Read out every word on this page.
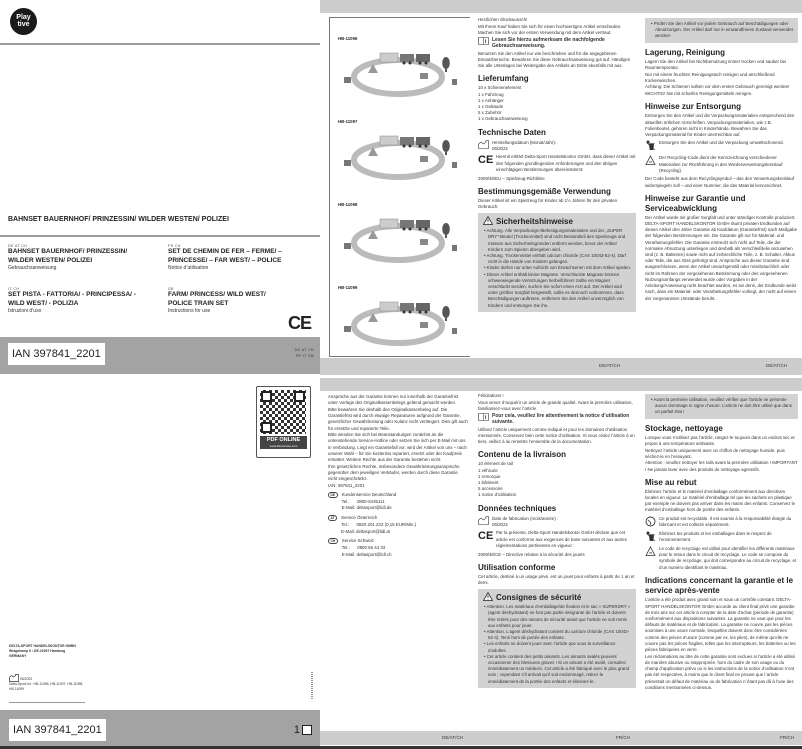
Play
tive
BAHNSET BAUERNHOF/ PRINZESSIN/ WILDER WESTEN/ POLIZEI
DE AT CH
BAHNSET BAUERNHOF/ PRINZESSIN/ WILDER WESTEN/ POLIZEI
Gebrauchsanweisung
FR CH
SET DE CHEMIN DE FER – FERME/ – PRINCESSE/ – FAR WEST/ – POLICE
Notice d’utilisation
IT CH
SET PISTA - FATTORIA/ - PRINCIPESSA/ - WILD WEST/ - POLIZIA
Istruzioni d’uso
GB
FARM/ PRINCESS/ WILD WEST/ POLICE TRAIN SET
Instructions for use
CE
IAN 397841_2201	DE AT CH
FR IT GB
HB-11096
HB-11097
HB-11098
HB-11099
Herzlichen Glückwunsch!
Mit Ihrem Kauf haben Sie sich für einen hochwertigen Artikel entschieden. Machen Sie sich vor der ersten Verwendung mit dem Artikel vertraut.
i Lesen Sie hierzu aufmerksam die nachfolgende Gebrauchsanweisung.
Benutzen Sie den Artikel nur wie beschrieben und für die angegebenen Einsatzbereiche. Bewahren Sie diese Gebrauchsanweisung gut auf. Händigen Sie alle Unterlagen bei Weitergabe des Artikels an Dritte ebenfalls mit aus.
Lieferumfang
10 x Schienenelement
1 x Fahrzeug
1 x Anhänger
1 x Gebäude
5 x Zubehör
1 x Gebrauchsanweisung
Technische Daten
Herstellungsdatum (Monat/Jahr):
06/2022
CE Hiermit erklärt Delta-Sport Handelskontor GmbH, dass dieser Artikel mit den folgenden grundlegenden Anforderungen und den übrigen einschlägigen Bestimmungen übereinstimmt:
2009/48/EU – Spielzeug-Richtlinie
Bestimmungsgemäße Verwendung
Dieser Artikel ist ein Spielzeug für Kinder ab 1½ Jahren für den privaten Gebrauch.
Sicherheitshinweise
• Achtung. Alle Verpackungs-/Befestigungsmaterialien und der „SUPER DRY“-Beutel (Trockenmittel) sind nicht Bestandteil des Spielzeugs und müssen aus Sicherheitsgründen entfernt werden, bevor der Artikel Kindern zum Spielen übergeben wird.
• Achtung. Trockenmittel enthält calcium chloride (CAS 10043-52-4). Darf nicht in die Hände von Kindern gelangen.
• Kinder dürfen nur unter Aufsicht von Erwachsenen mit dem Artikel spielen.
• Dieser Artikel enthält kleine Magnete. Verschluckte Magnete können schwerwiegende Verletzungen herbeiführen! Sollte ein Magnet verschluckt werden, suchen Sie sofort einen Arzt auf. Der Artikel wird unter größter Sorgfalt hergestellt, sollte es dennoch vorkommen, dass Beschädigungen auftreten, entfernen Sie den Artikel unverzüglich von Kindern und entsorgen Sie ihn.
• Prüfen Sie den Artikel vor jedem Gebrauch auf Beschädigungen oder Abnutzungen. Der Artikel darf nur in einwandfreiem Zustand verwendet werden!
Lagerung, Reinigung
Lagern Sie den Artikel bei Nichtbenutzung immer trocken und sauber bei Raumtemperatur.
Nur mit einem feuchten Reinigungstuch reinigen und anschließend trockenwischen.
Achtung: Die Schienen sollten vor dem ersten Gebrauch gereinigt werden!
WICHTIG! Nie mit scharfen Reinigungsmitteln reinigen.
Hinweise zur Entsorgung
Entsorgen Sie den Artikel und die Verpackungsmaterialien entsprechend den aktuellen örtlichen Vorschriften. Verpackungsmaterialien, wie z.B. Folienbeutel, gehören nicht in Kinderhände. Bewahren Sie das Verpackungsmaterial für Kinder unerreichbar auf.
Entsorgen Sie den Artikel und die Verpackung umweltschonend.
05
Der Recycling-Code dient der Kennzeichnung verschiedener Materialien zur Rückführung in den Wiederverwertungskreislauf (Recycling).
Der Code besteht aus dem Recyclingsymbol – das den Verwertungskreislauf widerspiegeln soll – und einer Nummer, die das Material kennzeichnet.
Hinweise zur Garantie und Serviceabwicklung
Der Artikel wurde mit großer Sorgfalt und unter ständiger Kontrolle produziert. DELTA-SPORT HANDELSKONTOR GmbH räumt privaten Endkunden auf diesen Artikel drei Jahre Garantie ab Kaufdatum (Garantiefrist) nach Maßgabe der folgenden Bestimmungen ein. Die Garantie gilt nur für Material- und Verarbeitungsfehler. Die Garantie erstreckt sich nicht auf Teile, die der normalen Abnutzung unterliegen und deshalb als Verschleißteile anzusehen sind (z. B. Batterien) sowie nicht auf zerbrechliche Teile, z. B. Schalter, Akkus oder Teile, die aus Glas gefertigt sind. Ansprüche aus dieser Garantie sind ausgeschlossen, wenn der Artikel unsachgemäß oder missbräuchlich oder nicht im Rahmen der vorgesehenen Bestimmung oder des vorgesehenen Nutzungsumfangs verwendet wurde oder Vorgaben in der Anleitung/Anweisung nicht beachtet wurden, es sei denn, der Endkunde weist nach, dass ein Material- oder Verarbeitungsfehler vorliegt, der nicht auf einem der vorgenannten Umstände beruht.
DE/AT/CH	DE/AT/CH
PDF ONLINE
www.lidl-service.com
DELTA-SPORT HANDELSKONTOR GMBH
Wragekamp 6 • DE-22397 Hamburg
GERMANY
06/2022
Delta-Sport-Nr.: HB-11096, HB-11097, HB-11098, HB-11099
IAN 397841_2201	1
Ansprüche aus der Garantie können nur innerhalb der Garantiefrist unter Vorlage des Originalkassenbelegs geltend gemacht werden.
Bitte bewahren Sie deshalb den Originalkassenbeleg auf. Die Garantiefrist wird durch etwaige Reparaturen aufgrund der Garantie, gesetzlicher Gewährleistung oder Kulanz nicht verlängert. Dies gilt auch für ersetzte und reparierte Teile.
Bitte wenden Sie sich bei Beanstandungen zunächst an die untenstehende Service-Hotline oder setzen Sie sich per E-Mail mit uns in Verbindung. Liegt ein Garantiefall vor, wird der Artikel von uns – nach unserer Wahl – für Sie kostenlos repariert, ersetzt oder der Kaufpreis erstattet. Weitere Rechte aus der Garantie bestehen nicht.
Ihre gesetzlichen Rechte, insbesondere Gewährleistungsansprüche gegenüber dem jeweiligen Verkäufer, werden durch diese Garantie nicht eingeschränkt.
IAN: 397841_2201
DE	Kundenservice Deutschland
Tel.:      0800-5435111
E-Mail: deltasport@lidl.de
AT	Service Österreich
Tel.:      0820 201 222 (0,15 EUR/Min.)
E-Mail: deltasport@lidl.at
CH	Service Schweiz
Tel.:      0800 56 44 33
E-Mail: deltasport@lidl.ch
Félicitations !
Vous venez d’acquérir un article de grande qualité. Avant la première utilisation, familiarisez-vous avec l’article.
i Pour cela, veuillez lire attentivement la notice d’utilisation suivante.
Utilisez l’article uniquement comme indiqué et pour les domaines d’utilisation mentionnés. Conservez bien cette notice d’utilisation. Si vous cédez l’article à un tiers, veillez à lui remettre l’ensemble de la documentation.
Contenu de la livraison
10 élément de rail
1 véhicule
1 remorque
1 bâtiment
5 accessoire
1 notice d’utilisation
Données techniques
Date de fabrication (mois/année) :
06/2022
CE Par la présente, Delta-Sport Handelskontor GmbH déclare que cet article est conforme aux exigences de base suivantes et aux autres réglementations pertinentes en vigueur :
2009/48/CE – Directive relative à la sécurité des jouets
Utilisation conforme
Cet article, destiné à un usage privé, est un jouet pour enfants à partir de 1 an et demi.
Consignes de sécurité
• Attention. Les matériaux d’emballage/de fixation et le sac « SUPERDRY » (agent déshydratant) ne font pas partie intégrante de l’article et doivent être retirés pour des raisons de sécurité avant que l’article ne soit remis aux enfants pour jouer.
• Attention. L’agent déshydratant contient du calcium chloride (CAS 10043-52-4). Tenir hors de portée des enfants.
• Les enfants ne doivent jouer avec l’article que sous la surveillance d’adultes.
• Cet article contient des petits aimants. Les aimants avalés peuvent occasionner des blessures graves ! Si un aimant a été avalé, consultez immédiatement un médecin. Cet article a été fabriqué avec le plus grand soin ; cependant s’il arrivait qu’il soit endommagé, retirez-le immédiatement de la portée des enfants et éliminez-le.
• Avant la première utilisation, veuillez vérifier que l’article ne présente aucun dommage ni signe d’usure. L’article ne doit être utilisé que dans un parfait état !
Stockage, nettoyage
Lorsque vous n’utilisez pas l’article, rangez-le toujours dans un endroit sec et propre à une température ambiante.
Nettoyez l’article uniquement avec un chiffon de nettoyage humide, puis séchez-le en l’essuyant.
Attention : veuillez nettoyer les rails avant la première utilisation ! IMPORTANT ! Ne jamais laver avec des produits de nettoyage agressifs.
Mise au rebut
Éliminez l’article et le matériel d’emballage conformément aux directives locales en vigueur. Le matériel d’emballage tel que les sachets en plastique par exemple ne doivent pas arriver dans les mains des enfants. Conservez le matériel d’emballage hors de portée des enfants.
Ce produit est recyclable. Il est soumis à la responsabilité élargie du fabricant et est collecté séparément.
Éliminez les produits et les emballages dans le respect de l’environnement.
05
Le code de recyclage est utilisé pour identifier les différents matériaux pour le retour dans le circuit de recyclage. Le code se compose du symbole de recyclage, qui doit correspondre au circuit de recyclage, et d’un numéro identifiant le matériau.
Indications concernant la garantie et le service après-vente
L’article a été produit avec grand soin et sous un contrôle constant. DELTA-SPORT HANDELSKONTOR GmbH accorde au client final privé une garantie de trois ans sur cet article à compter de la date d’achat (période de garantie) conformément aux dispositions suivantes. La garantie ne vaut que pour les défauts de matériaux et de fabrication. La garantie ne couvre pas les pièces soumises à une usure normale, lesquelles doivent donc être considérées comme des pièces d’usure (comme par ex. les piles), de même qu’elle ne couvre pas les pièces fragiles, telles que les interrupteurs, les batteries ou les pièces fabriquées en verre.
Les réclamations au titre de cette garantie sont exclues si l’article a été utilisé de manière abusive ou inappropriée, hors du cadre de son usage ou du champ d’application prévu ou si les instructions de la notice d’utilisation n’ont pas été respectées, à moins que le client final ne prouve que l´article présentait un défaut de matériau ou de fabrication n´étant pas dû à l’une des conditions mentionnées ci-dessus.
DE/AT/CH	FR/CH	FR/CH
